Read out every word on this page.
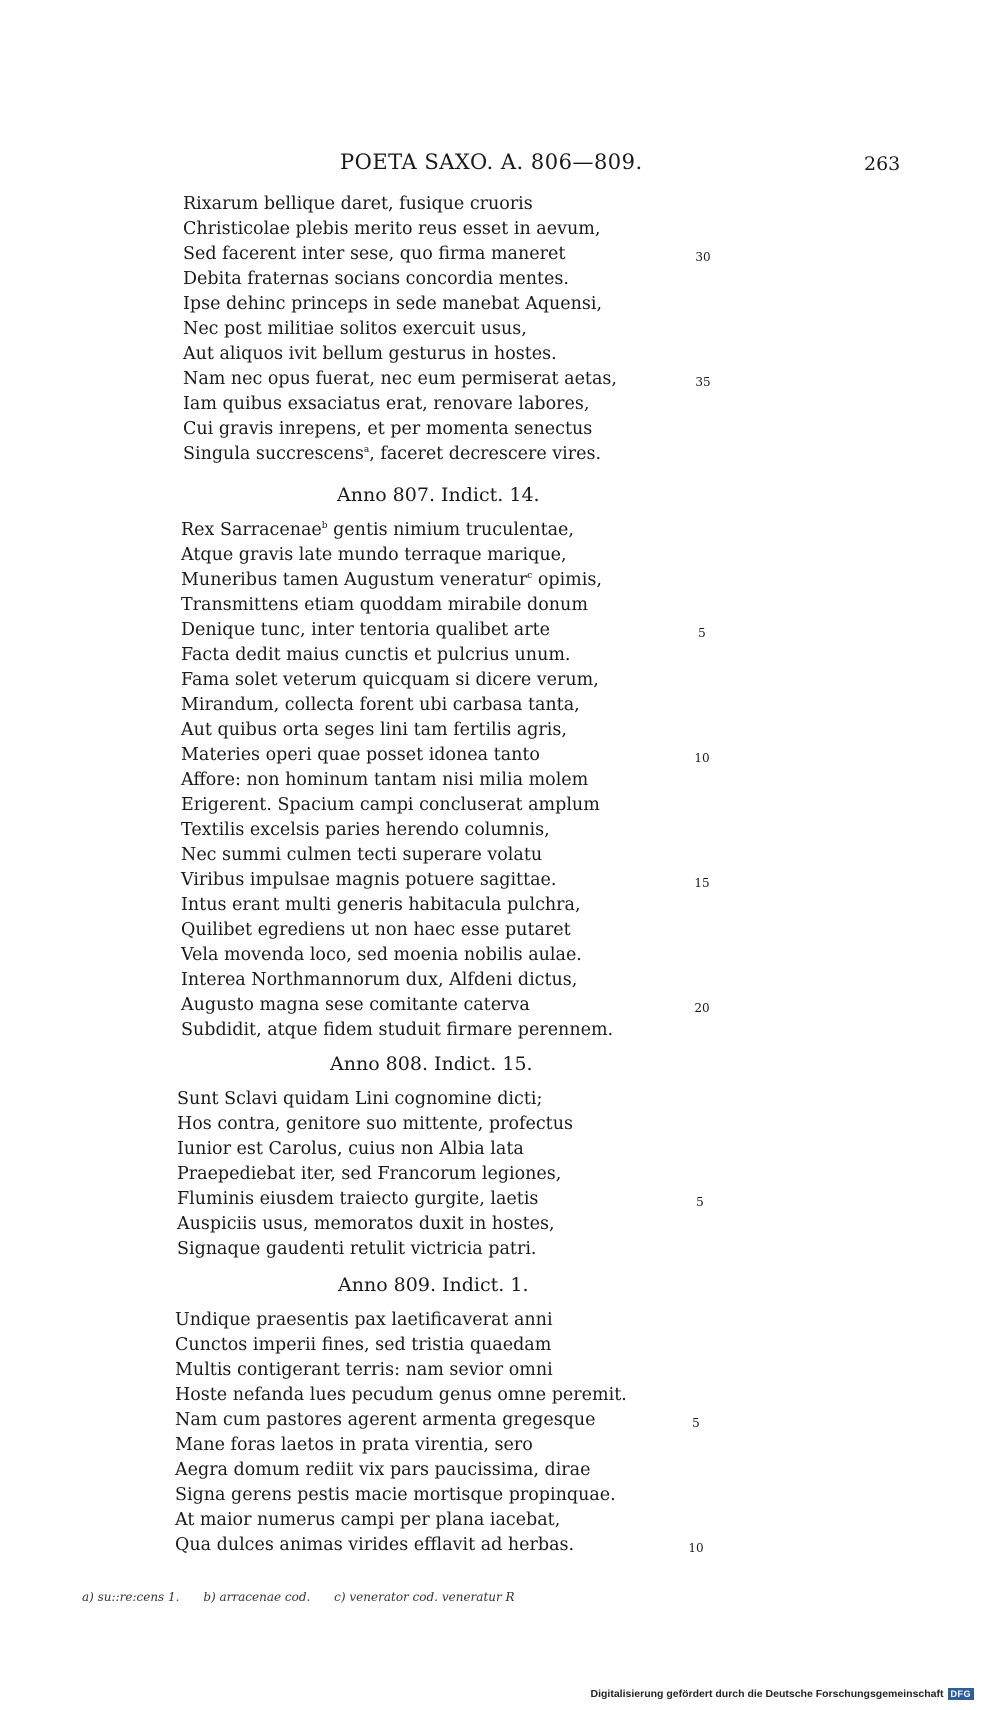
POETA SAXO. A. 806—809.	263
Rixarum bellique daret, fusique cruoris
Christicolae plebis merito reus esset in aevum,
Sed facerent inter sese, quo firma maneret	30
Debita fraternas socians concordia mentes.
Ipse dehinc princeps in sede manebat Aquensi,
Nec post militiae solitos exercuit usus,
Aut aliquos ivit bellum gesturus in hostes.
Nam nec opus fuerat, nec eum permiserat aetas,	35
Iam quibus exsaciatus erat, renovare labores,
Cui gravis inrepens, et per momenta senectus
Singula succrescens$^a$, faceret decrescere vires.
Anno 807. Indict. 14.
Rex Sarracenae$^b$ gentis nimium truculentae,
Atque gravis late mundo terraque marique,
Muneribus tamen Augustum veneratur$^c$ opimis,
Transmittens etiam quoddam mirabile donum
Denique tunc, inter tentoria qualibet arte	5
Facta dedit maius cunctis et pulcrius unum.
Fama solet veterum quicquam si dicere verum,
Mirandum, collecta forent ubi carbasa tanta,
Aut quibus orta seges lini tam fertilis agris,
Materies operi quae posset idonea tanto	10
Affore: non hominum tantam nisi milia molem
Erigerent. Spacium campi concluserat amplum
Textilis excelsis paries herendo columnis,
Nec summi culmen tecti superare volatu
Viribus impulsae magnis potuere sagittae.	15
Intus erant multi generis habitacula pulchra,
Quilibet egrediens ut non haec esse putaret
Vela movenda loco, sed moenia nobilis aulae.
Interea Northmannorum dux, Alfdeni dictus,
Augusto magna sese comitante caterva	20
Subdidit, atque fidem studuit firmare perennem.
Anno 808. Indict. 15.
Sunt Sclavi quidam Lini cognomine dicti;
Hos contra, genitore suo mittente, profectus
Iunior est Carolus, cuius non Albia lata
Praepediebat iter, sed Francorum legiones,
Fluminis eiusdem traiecto gurgite, laetis	5
Auspiciis usus, memoratos duxit in hostes,
Signaque gaudenti retulit victricia patri.
Anno 809. Indict. 1.
Undique praesentis pax laetificaverat anni
Cunctos imperii fines, sed tristia quaedam
Multis contigerant terris: nam sevior omni
Hoste nefanda lues pecudum genus omne peremit.
Nam cum pastores agerent armenta gregesque	5
Mane foras laetos in prata virentia, sero
Aegra domum rediit vix pars paucissima, dirae
Signa gerens pestis macie mortisque propinquae.
At maior numerus campi per plana iacebat,
Qua dulces animas virides efflavit ad herbas.	10
a) su::re:cens 1. b) arracenae cod. c) venerator cod. veneratur R
Digitalisierung gefördert durch die Deutsche Forschungsgemeinschaft DFG
